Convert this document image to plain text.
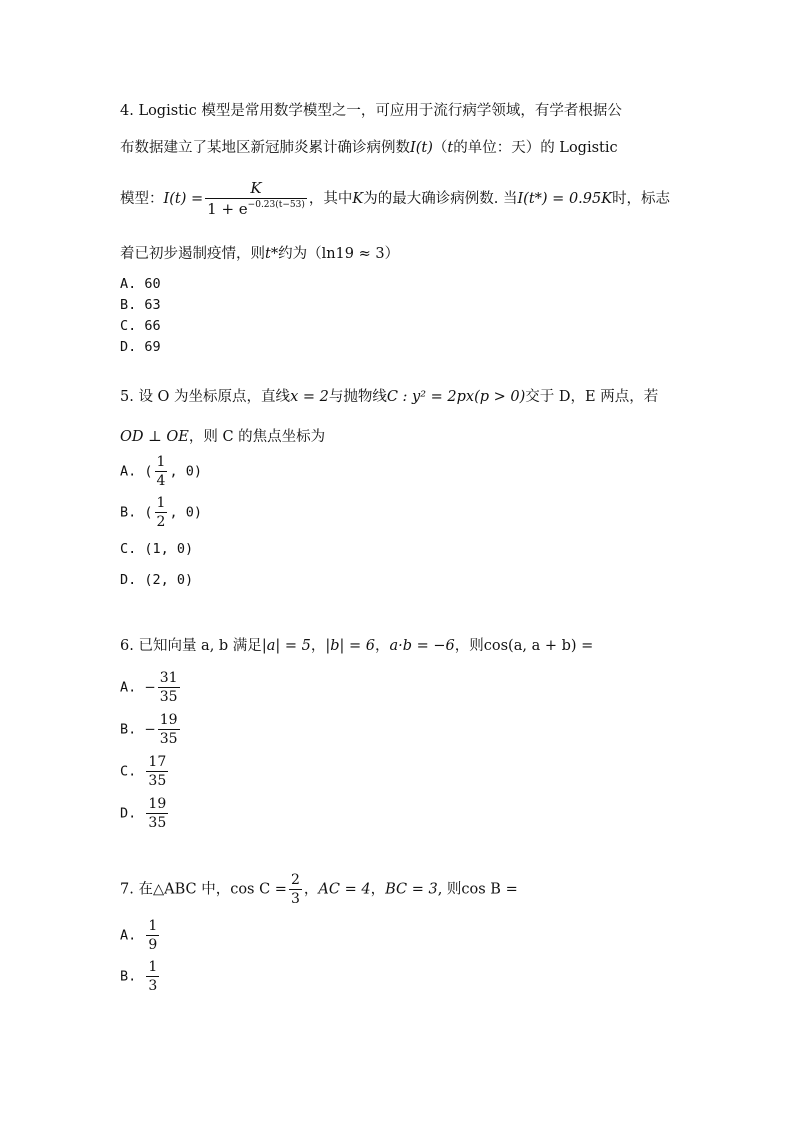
4. Logistic 模型是常用数学模型之一，可应用于流行病学领域，有学者根据公
布数据建立了某地区新冠肺炎累计确诊病例数I(t)（t的单位：天）的 Logistic
模型：$I(t) = \frac{K}{1 + e^{-0.23(t-53)}}$ ，其中K为的最大确诊病例数. 当I(t*) = 0.95K时，标志
着已初步遏制疫情，则t*约为（ln19 ≈ 3）
A. 60
B. 63
C. 66
D. 69
5. 设 O 为坐标原点，直线x = 2与抛物线C : y² = 2px(p > 0)交于 D，E 两点，若
OD ⊥ OE，则 C 的焦点坐标为
A. ( $\frac{1}{4}$ , 0)
B. ( $\frac{1}{2}$ , 0)
C. (1, 0)
D. (2, 0)
6. 已知向量 a, b 满足|a| = 5，|b| = 6，a·b = −6，则cos(a, a + b) =
A. − $\frac{31}{35}$
B. − $\frac{19}{35}$
C. $\frac{17}{35}$
D. $\frac{19}{35}$
7. 在△ABC 中，$\cos C = \frac{2}{3}$ ，AC = 4，BC = 3, 则cos B =
A. $\frac{1}{9}$
B. $\frac{1}{3}$
